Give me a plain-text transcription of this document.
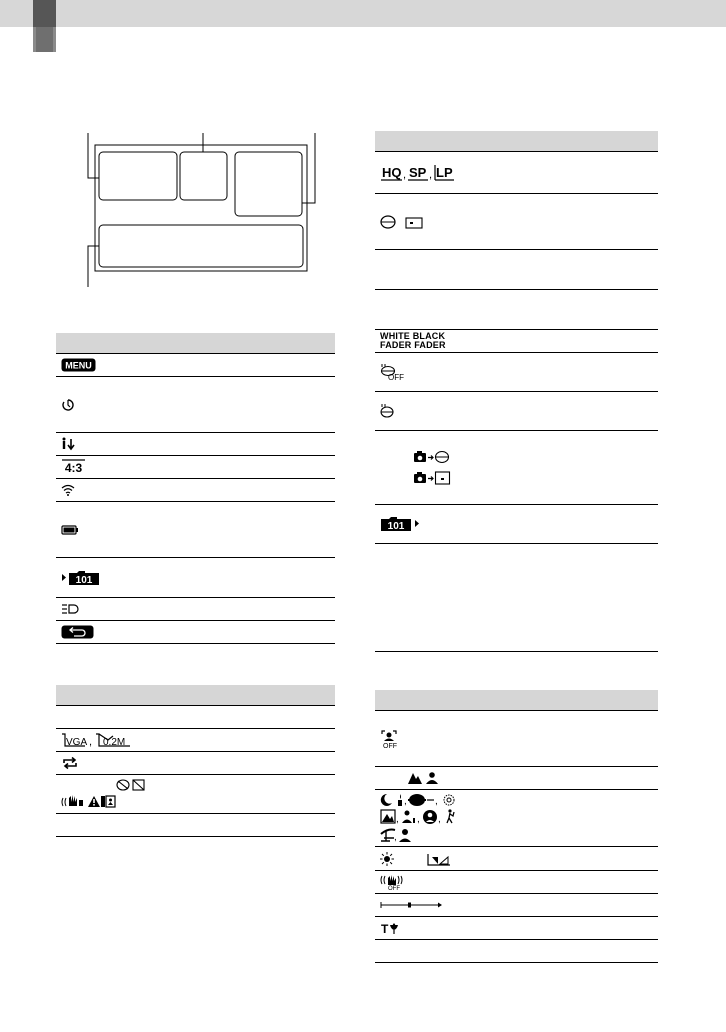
MENU

4:3

101

VGA , 0.2M

HQ , SP , LP

WHITE BLACK
FADER FADER

OFF

101

OFF

,	,
, , ,
,

OFF

T
